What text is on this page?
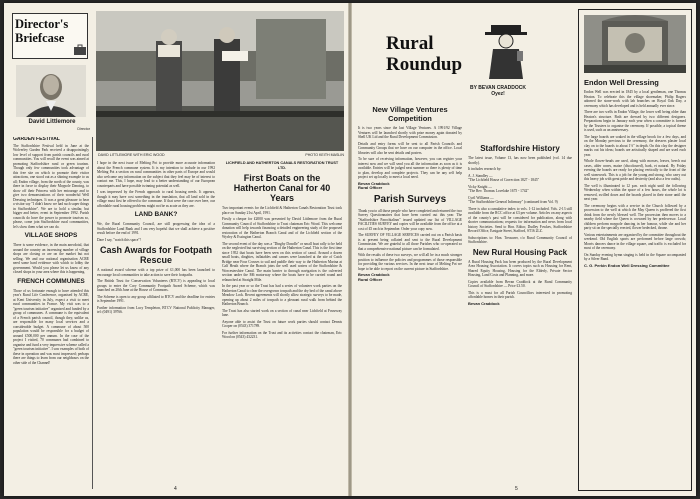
Director's Briefcase
David Littlemore
Director
DAVID LITTLEMORE WITH ERIC WOOD	PHOTO KEITH MASLIN
GARDEN FESTIVAL

The Staffordshire Festival held in June at the Wolverley Garden Park received a disappointingly low level of support from parish councils and rural communities. You will recall the event was aimed at promoting Staffordshire rural or green tourism. Though only few communities took advantage of this free site on which to promote their visitor attractions, one stood out as a shining example to us all; Endon village, from the north of the county, was there in force to display their Maypole Dancing, to show off their Princess with her entourage and to give two demonstrations of their wonderful Well Dressing techniques. It was a great pleasure to hear a visitor say "I didn't know we had such super things in Staffordshire". We are to hold a similar, but bigger and better, event in September 1992. Parish councils do have the power to promote tourism so, please, come join Staffordshire rural communities, let's show them what we can do.

VILLAGE SHOPS

There is some evidence, in the main anecdotal, that around the country an increasing number of village shops are closing or are on the market but not selling. We and our national organisation ACRE need some hard evidence with which to lobby the government. Would you please let us know of any closed shops in your area where this is happening.

FRENCH COMMUNES

Those of us fortunate enough to have attended this year's Rural Life Conference, organised by ACRE, at Kent University in July, expect a visit to meet rural communities in France. My visit was to a "green tourism initiative" organised and funded by a group of communes. A commune is the equivalent of a French parish council, though they, unlike us, are responsible for many local services and a considerable budget. A commune of about 500 population would be responsible for a budget of around £500,000 per annum. In the case of the project I visited, 70 communes had combined to organise and fund a very impressive scheme called a "green tourism initiative". I saw examples of both of these in operation and was most impressed; perhaps there are things to learn from our neighbours on the other side of the Channel!

I hope in the next issue of Melting Pot to provide more accurate information about the French commune system. It is my intention to include in our 1992 Melting Pot a section on rural communities in other parts of Europe and would also welcome any information on the subject that they feel may be of interest to contact me. This, I hope, may lead to a better understanding of our European counterparts and have possible twinning potential as well.

I was impressed by the French approach to rural housing needs. It appears, though it may have cost something in the translation, that all land sold in the village must first be offered to the commune. If that were the case over here, our affordable rural housing problems might not be as acute as they are.

LAND BANK?

We, the Rural Community Council, are still progressing the idea of a Staffordshire Land Bank and I am very hopeful that we shall achieve a positive result before the end of 1991.

Dare I say, "watch this space"!

Cash Awards for Footpath Rescue

A national award scheme with a top prize of £1,000 has been launched to encourage local communities to take action to save their footpaths.

The British Trust for Conservation Volunteers (BTCV) is appealing to local groups to enter the Cory Community Footpath Award Scheme, which was launched on 20th June at the House of Commons.

The Scheme is open to any group affiliated to BTCV and the deadline for entries is September 1991.

Further information from Lucy Templeton, BTCV National Publicity Manager, tel: (0491) 39766.

LICHFIELD AND HATHERTON CANALS RESTORATION TRUST LTD.
First Boats on the Hatherton Canal for 40 Years

Two important events for the Lichfield & Hatherton Canals Restoration Trust took place on Sunday 21st April, 1991.

Firstly a cheque for £2000 was presented by David Littlemore from the Rural Community Council of Staffordshire to Trust chairman Eric Wood. This welcome donation will help towards financing a detailed engineering study of the proposed restoration of the Hatherton Branch Canal and of the Lichfield section of the Wyrley & Essington Canal.

The second event of the day was a "Dinghy Dawdle" or small boat rally to be held on the neglected but surviving section of the Hatherton Canal. This is the first time since 1952 that boats have been seen on this section of canal. Around a dozen small boats, dinghies, inflatables and canoes were launched at the site of Catch Bridge near Four Crosses to sail and paddle their way to the Hatherton Marina at Calf Heath where the Branch joins the well used waters of the Staffordshire & Worcestershire Canal. The main barrier to through navigation is the culverted section under the M6 motorway where the boats have to be carried round and relaunched at Straight Mile.

In the past year or so the Trust has had a series of volunteer work parties on the Hatherton Canal to clear the overgrown towpath and the dry bed of the canal above Meadow Lock. Recent agreements will shortly allow strategic surveys to be made, opening up about 2 miles of towpath to a pleasant rural walk from behind the Hatherton Branch.

The Trust has also started work on a section of canal near Lichfield at Fosseway lane.

Anyone able to assist the Trust on future work parties should contact Dennis Cooper on (0543) 371789.

For further information on the Trust and its activities contact the chairman, Eric Wood on (0543) 432231.

4
Rural Roundup
BY BEVAN CRADDOCK Oyez!
New Village Ventures Competition

It is two years since the last Village Ventures. A 1991/92 Village Ventures will be launched shortly with prize money again donated by Shell UK Ltd and the Rural Development Commission.

Details and entry forms will be sent to all Parish Councils and Community Groups that we have on our computer in the office. Local libraries will also be sent details and posters.

To be sure of receiving information, however, you can register your interest now and we will send you all the information as soon as it is available. Entries will be judged next summer so there is plenty of time to plan, develop and complete projects. They can be any self help project set up locally to meet a local need.

Bevan Craddock
Rural Officer
Parish Surveys

Thank you to all those people who have completed and returned the two Survey Questionnaires that have been carried out this year. The "Staffordshire Parochialism" issued updated our list of VILLAGE FACILITIES SURVEY and copies will be available from the office at a cost of £5 each in September. Order your copy now.

The SURVEY OF VILLAGE SERVICES carried out on a Parish basis is at present being collated and sent to the Rural Development Commission. We are grateful to all those Parishes who co-operated so that a comprehensive national picture can be formulated.

With the results of these two surveys, we will all be in a much stronger position to influence the policies and programmes of those responsible for providing the various services. In the next issue of Melting Pot we hope to be able to report on the current picture in Staffordshire.

Bevan Craddock
Rural Officer
Staffordshire History

The latest issue, Volume 13, has now been published (vol. 14 due shortly).

It includes research by:

A. J. Standley —

"The Lichfield House of Correction 1827 - 1845"

Vicky Knight —

"The Rev. Thomas Lovelake 1675 - 1742"

Cyril Williams —

"The Staffordshire General Infirmary" (continued from Vol. 9)

There is also a cumulative index to vols. 1-12 included. Vols. 2-13 still available from the RCC office at £3 per volume. Articles on any aspects of the county's past will be considered for publication, along with shorter communications; requests for information and news from local history Societies. Send to Hon. Editor, Dudley Fowkes, Staffordshire Record Office, Eastgate Street, Stafford, ST16 2LZ.

Subscriptions to: Hon. Treasurer, c/o Rural Community Council of Staffordshire.

New Rural Housing Pack

A Rural Housing Pack has been produced by the Rural Development Area Housing Association. It covers topics such as Housing for Rent, Shared Equity Housing, Housing for the Elderly, Private Sector Housing, Land Costs and Planning, and more.

Copies available from Bevan Craddock at the Rural Community Council of Staffordshire — Price £3.50.

This is a must for all Parish Councillors interested in promoting affordable homes in their parish.

Bevan Craddock
Endon Well Dressing

Endon Well was erected in 1845 by a local gentleman, one Thomas Heaton. To celebrate this the village shoemaker, Philip Rogers adorned the stone-work with lab branches on Royal Oak Day, a ceremony which has developed and is held annually ever since.

There are two wells in Endon Village, the lower well being older than Heaton's structure. Both are dressed by two different designers. Preparations begin in January each year when a committee is formed by the Trustees to organise the ceremony. If possible, a topical theme is used, such as an anniversary.

The large boards are soaked in the village brook for a few days, and on the Monday previous to the ceremony, the dressers plaster local clay on to the boards to about 1½" in depth. On this clay the designer marks out his ideas; boards are artistically shaped and are used each year.

Whole flower-heads are used, along with mosses, leaves, beech nut cases, alder cones, maize (discoloured), bark, et natural. By Friday evening the boards are ready for placing vertically to the front of the well stonework. This is a job for the young and strong, who carry out this heavy job with great pride and dexterity (and also a few oaths).

The well is illuminated to 12 p.m. each night until the following Wednesday when within the space of a few hours, the whole lot is removed, swilled down and the boards placed in their stone until the next year.

The ceremony begins with a service in the Church followed by a procession to the well at which the May Queen is proffered the first drink from the newly blessed well. The procession then moves to a nearby field where the Queen is crowned by her predecessor. Local children perform maypole dancing in her honour, while she and her party sit on the specially erected, flower bedecked, throne.

Various entertainments are organised by the committee throughout the weekend. Old English sports are performed before large crowds; Morris dancers dance in the village square, and traffic is excluded for most of the ceremony.

On Sunday evening hymn singing is held in the Square accompanied by a Silver Band.

C. G. Perkin Endon Well Dressing Committee
5
